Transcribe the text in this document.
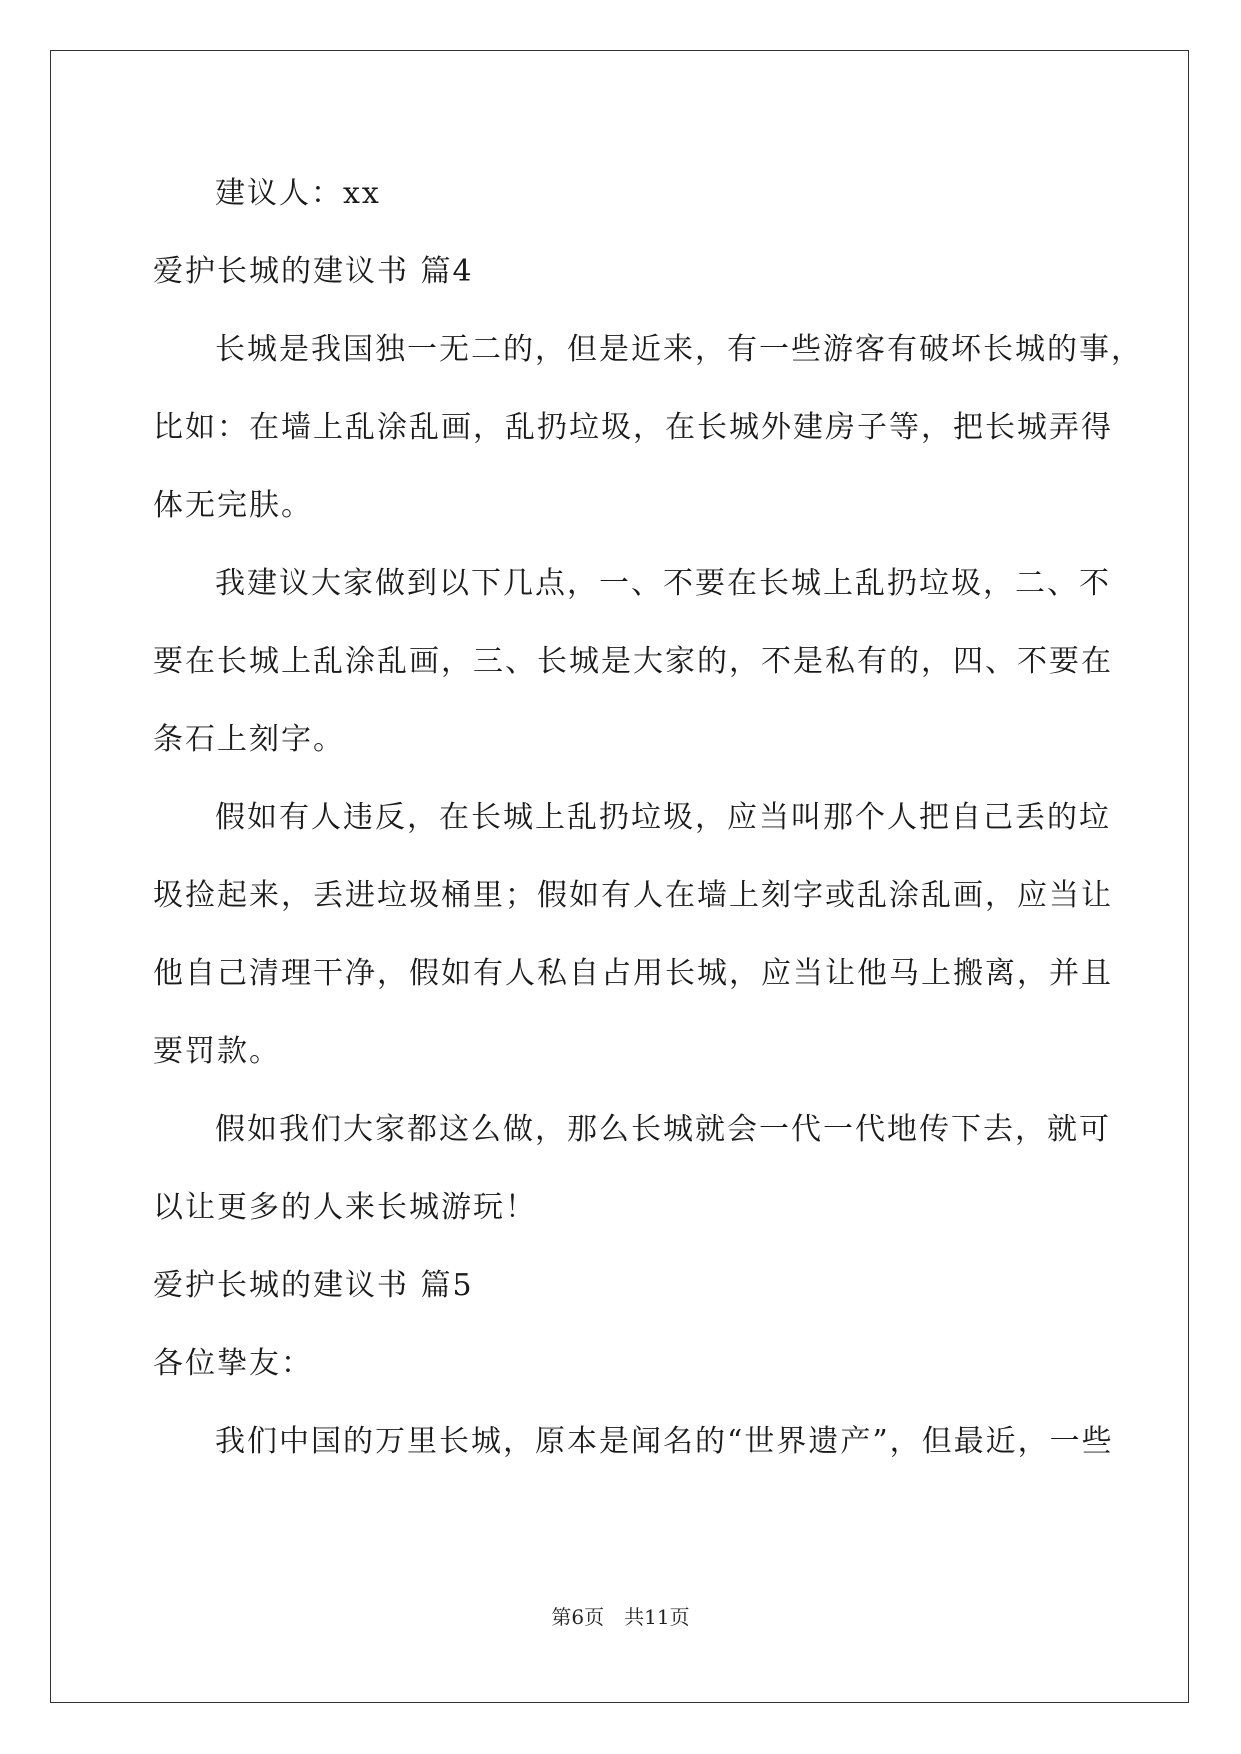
建议人：xx
爱护长城的建议书 篇4
长城是我国独一无二的，但是近来，有一些游客有破坏长城的事，
比如：在墙上乱涂乱画，乱扔垃圾，在长城外建房子等，把长城弄得
体无完肤。
我建议大家做到以下几点，一、不要在长城上乱扔垃圾，二、不
要在长城上乱涂乱画，三、长城是大家的，不是私有的，四、不要在
条石上刻字。
假如有人违反，在长城上乱扔垃圾，应当叫那个人把自己丢的垃
圾捡起来，丢进垃圾桶里；假如有人在墙上刻字或乱涂乱画，应当让
他自己清理干净，假如有人私自占用长城，应当让他马上搬离，并且
要罚款。
假如我们大家都这么做，那么长城就会一代一代地传下去，就可
以让更多的人来长城游玩！
爱护长城的建议书 篇5
各位挚友：
我们中国的万里长城，原本是闻名的“世界遗产”，但最近，一些
第6页 共11页
